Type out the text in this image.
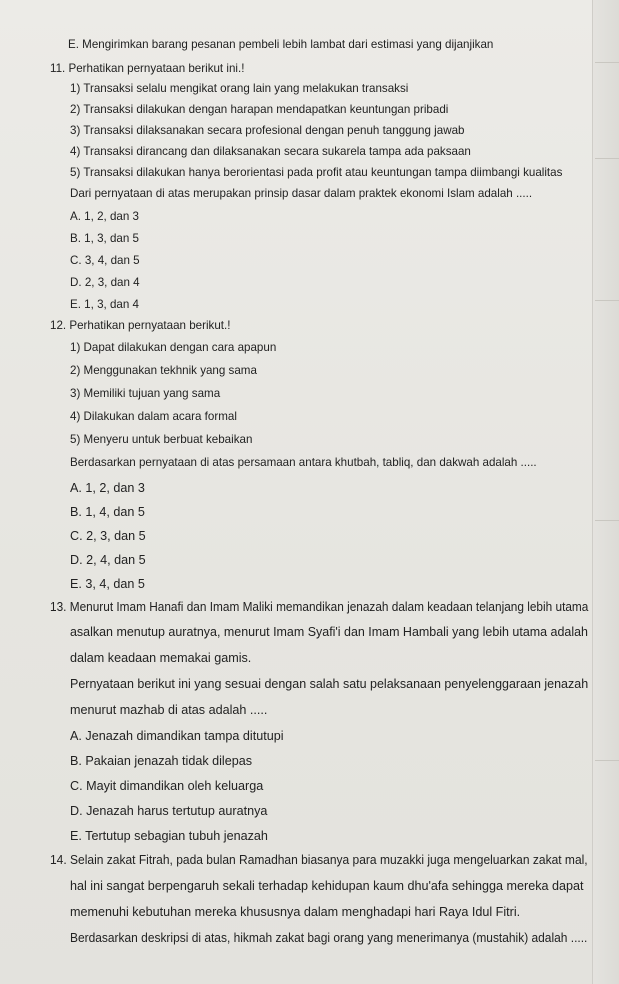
E. Mengirimkan barang pesanan pembeli lebih lambat dari estimasi yang dijanjikan
11. Perhatikan pernyataan berikut ini.!
1) Transaksi selalu mengikat orang lain yang melakukan transaksi
2) Transaksi dilakukan dengan harapan mendapatkan keuntungan pribadi
3) Transaksi dilaksanakan secara profesional dengan penuh tanggung jawab
4) Transaksi dirancang dan dilaksanakan secara sukarela tampa ada paksaan
5) Transaksi dilakukan hanya berorientasi pada profit atau keuntungan tampa diimbangi kualitas
Dari pernyataan di atas merupakan prinsip dasar dalam praktek ekonomi Islam adalah .....
A. 1, 2, dan 3
B. 1, 3, dan 5
C. 3, 4, dan 5
D. 2, 3, dan 4
E. 1, 3, dan 4
12. Perhatikan pernyataan berikut.!
1) Dapat dilakukan dengan cara apapun
2) Menggunakan tekhnik yang sama
3) Memiliki tujuan yang sama
4) Dilakukan dalam acara formal
5) Menyeru untuk berbuat kebaikan
Berdasarkan pernyataan di atas persamaan antara khutbah, tabliq, dan dakwah adalah .....
A. 1, 2, dan 3
B. 1, 4, dan 5
C. 2, 3, dan 5
D. 2, 4, dan 5
E. 3, 4, dan 5
13. Menurut Imam Hanafi dan Imam Maliki memandikan jenazah dalam keadaan telanjang lebih utama
asalkan menutup auratnya, menurut Imam Syafi'i dan Imam Hambali yang lebih utama adalah
dalam keadaan memakai gamis.
Pernyataan berikut ini yang sesuai dengan salah satu pelaksanaan penyelenggaraan jenazah
menurut mazhab di atas adalah .....
A. Jenazah dimandikan tampa ditutupi
B. Pakaian jenazah tidak dilepas
C. Mayit dimandikan oleh keluarga
D. Jenazah harus tertutup auratnya
E. Tertutup sebagian tubuh jenazah
14. Selain zakat Fitrah, pada bulan Ramadhan biasanya para muzakki juga mengeluarkan zakat mal,
hal ini sangat berpengaruh sekali terhadap kehidupan kaum dhu'afa sehingga mereka dapat
memenuhi kebutuhan mereka khususnya dalam menghadapi hari Raya Idul Fitri.
Berdasarkan deskripsi di atas, hikmah zakat bagi orang yang menerimanya (mustahik) adalah .....
